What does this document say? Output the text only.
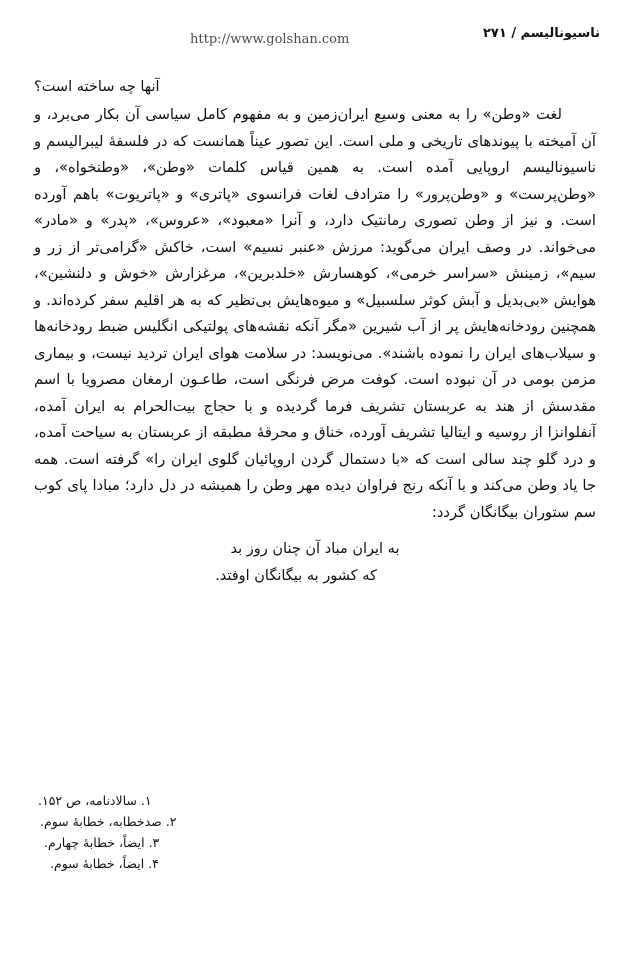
ناسیونالیسم / ۲۷۱
http://www.golshan.com
آنها چه ساخته است؟

لغت «وطن» را به معنی وسیع ایران‌زمین و به مفهوم کامل سیاسی آن بکار می‌برد، و آن آمیخته با پیوندهای تاریخی و ملی است. این تصور عیناً همانست که در فلسفۀ لیبرالیسم و ناسیونالیسم اروپایی آمده است. به همین قیاس کلمات «وطن»، «وطنخواه»، و «وطن‌پرست» و «وطن‌پرور» را مترادف لغات فرانسوی «پاتری» و «پاتریوت» باهم آورده است. و نیز از وطن تصوری رمانتیک دارد، و آنرا «معبود»، «عروس»، «پدر» و «مادر» می‌خواند. در وصف ایران می‌گوید: مرزش «عنبر نسیم» است، خاکش «گرامی‌تر از زر و سیم»، زمینش «سراسر خرمی»، کوهسارش «خلدبرین»، مرغزارش «خوش و دلنشین»، هوایش «بی‌بدیل و آبش کوثر سلسبیل» و میوه‌هایش بی‌نظیر که به هر اقلیم سفر کرده‌اند. و همچنین رودخانه‌هایش پر از آب شیرین «مگر آنکه نقشه‌های پولتیکی انگلیس ضبط رودخانه‌ها و سیلاب‌های ایران را نموده باشند». می‌نویسد: در سلامت هوای ایران تردید نیست، و بیماری مزمن بومی در آن نبوده است. کوفت مرض فرنگی است، طاعـون ارمغان مصرویا با اسم مقدسش از هند به عربستان تشریف فرما گردیده و با حجاج بیت‌الحرام به ایران آمده، آنفلوانزا از روسیه و ایتالیا تشریف آورده، خناق و محرقۀ مطبقه از عربستان به سیاحت آمده، و درد گلو چند سالی است که «با دستمال گردن اروپائیان گلوی ایران را» گرفته است. همه جا یاد وطن می‌کند و با آنکه رنج فراوان دیده مهر وطن را همیشه در دل دارد؛ مبادا پای کوب سم ستوران بیگانگان گردد:

به ایران مباد آن چنان روز بد
که کشور به بیگانگان اوفتد.
۱. سالادنامه، ص ۱۵۲.
۲. صدخطابه، خطابۀ سوم.
۳. ایضاً، خطابۀ چهارم.
۴. ایضاً، خطابۀ سوم.
